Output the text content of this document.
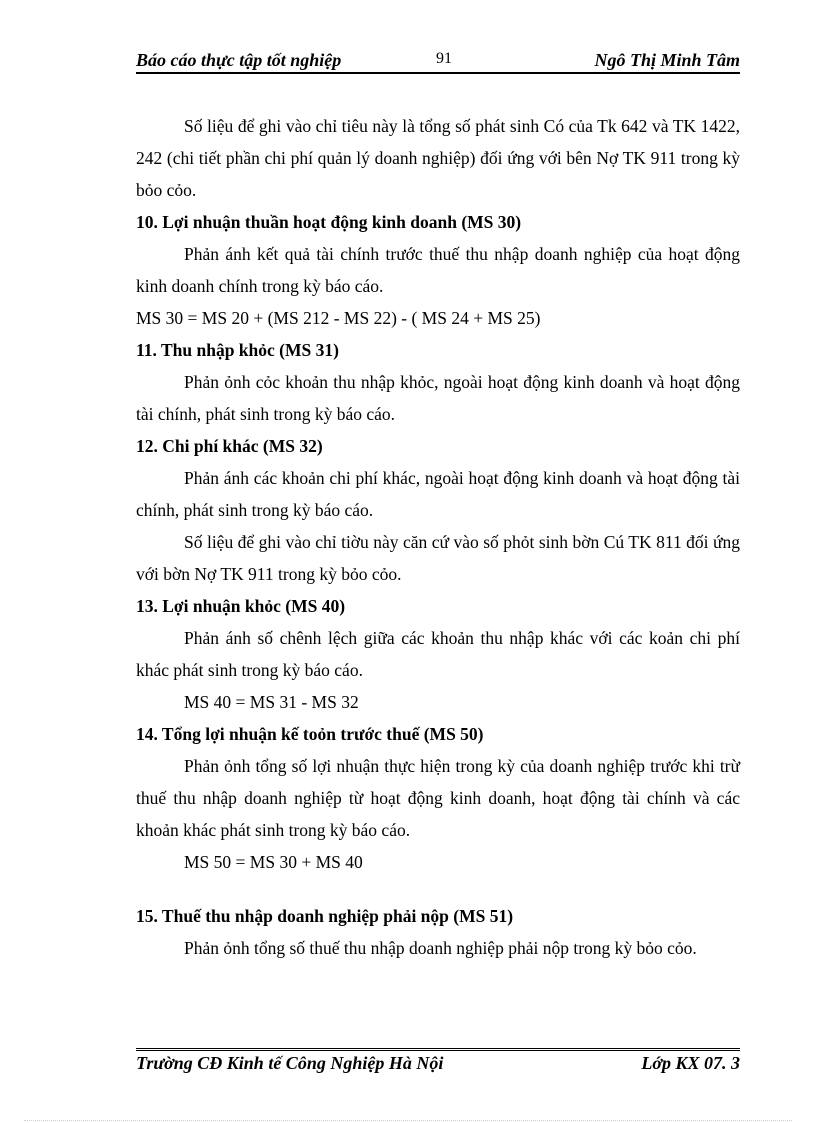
Báo cáo thực tập tốt nghiệp	91	Ngô Thị Minh Tâm

Số liệu để ghi vào chỉ tiêu này là tổng số phát sinh Có của Tk 642 và TK 1422, 242 (chi tiết phần chi phí quản lý doanh nghiệp) đối ứng với bên Nợ TK 911 trong kỳ bỏo cỏo.

10. Lợi nhuận thuần hoạt động kinh doanh (MS 30)

Phản ánh kết quả tài chính trước thuế thu nhập doanh nghiệp của hoạt động kinh doanh chính trong kỳ báo cáo.

MS 30 = MS 20 + (MS 212 - MS 22) - ( MS 24 + MS 25)

11. Thu nhập khỏc (MS 31)

Phản ỏnh cỏc khoản thu nhập khỏc, ngoài hoạt động kinh doanh và hoạt động tài chính, phát sinh trong kỳ báo cáo.

12. Chi phí khác (MS 32)

Phản ánh các khoản chi phí khác, ngoài hoạt động kinh doanh và hoạt động tài chính, phát sinh trong kỳ báo cáo.

Số liệu để ghi vào chỉ tiờu này căn cứ vào số phỏt sinh bờn Cú TK 811 đối ứng với bờn Nợ TK 911 trong kỳ bỏo cỏo.

13. Lợi nhuận khỏc (MS 40)

Phản ánh số chênh lệch giữa các khoản thu nhập khác với các koản chi phí khác phát sinh trong kỳ báo cáo.

MS 40 = MS 31 - MS 32

14. Tổng lợi nhuận kế toỏn trước thuế (MS 50)

Phản ỏnh tổng số lợi nhuận thực hiện trong kỳ của doanh nghiệp trước khi trừ thuế thu nhập doanh nghiệp từ hoạt động kinh doanh, hoạt động tài chính và các khoản khác phát sinh trong kỳ báo cáo.

MS 50 = MS 30 + MS 40

15. Thuế thu nhập doanh nghiệp phải nộp (MS 51)

Phản ỏnh tổng số thuế thu nhập doanh nghiệp phải nộp trong kỳ bỏo cỏo.

Trường CĐ Kinh tế Công Nghiệp Hà Nội	Lớp KX 07. 3
